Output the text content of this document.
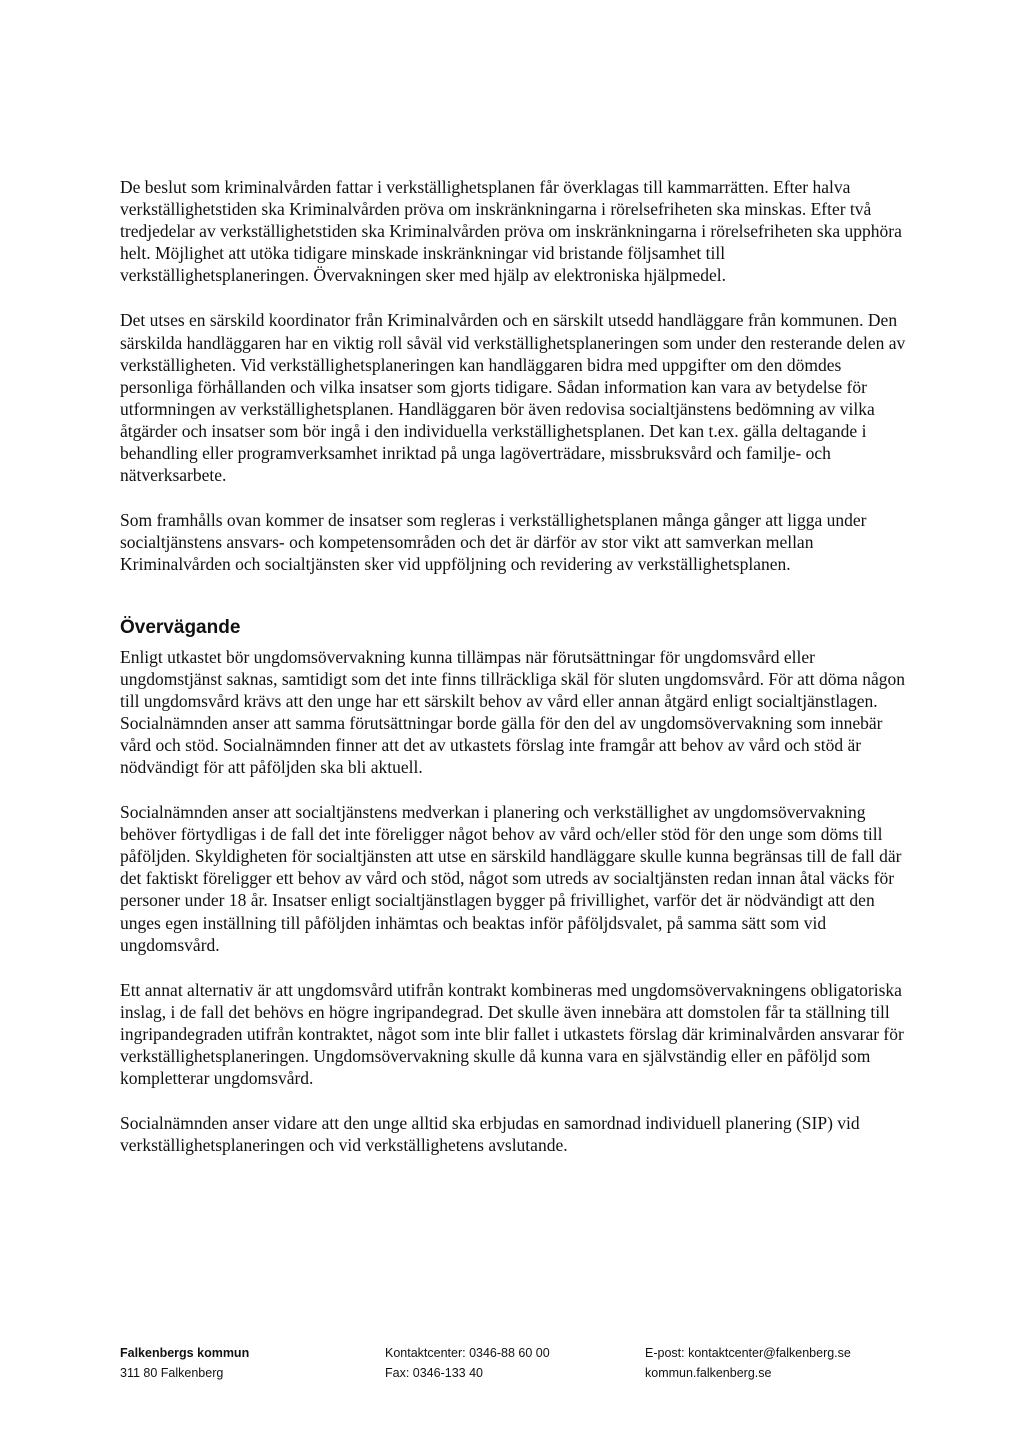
De beslut som kriminalvården fattar i verkställighetsplanen får överklagas till kammarrätten. Efter halva verkställighetstiden ska Kriminalvården pröva om inskränkningarna i rörelsefriheten ska minskas. Efter två tredjedelar av verkställighetstiden ska Kriminalvården pröva om inskränkningarna i rörelsefriheten ska upphöra helt. Möjlighet att utöka tidigare minskade inskränkningar vid bristande följsamhet till verkställighetsplaneringen. Övervakningen sker med hjälp av elektroniska hjälpmedel.

Det utses en särskild koordinator från Kriminalvården och en särskilt utsedd handläggare från kommunen. Den särskilda handläggaren har en viktig roll såväl vid verkställighetsplaneringen som under den resterande delen av verkställigheten. Vid verkställighetsplaneringen kan handläggaren bidra med uppgifter om den dömdes personliga förhållanden och vilka insatser som gjorts tidigare. Sådan information kan vara av betydelse för utformningen av verkställighetsplanen. Handläggaren bör även redovisa socialtjänstens bedömning av vilka åtgärder och insatser som bör ingå i den individuella verkställighetsplanen. Det kan t.ex. gälla deltagande i behandling eller programverksamhet inriktad på unga lagöverträdare, missbruksvård och familje- och nätverksarbete.

Som framhålls ovan kommer de insatser som regleras i verkställighetsplanen många gånger att ligga under socialtjänstens ansvars- och kompetensområden och det är därför av stor vikt att samverkan mellan Kriminalvården och socialtjänsten sker vid uppföljning och revidering av verkställighetsplanen.

Övervägande

Enligt utkastet bör ungdomsövervakning kunna tillämpas när förutsättningar för ungdomsvård eller ungdomstjänst saknas, samtidigt som det inte finns tillräckliga skäl för sluten ungdomsvård. För att döma någon till ungdomsvård krävs att den unge har ett särskilt behov av vård eller annan åtgärd enligt socialtjänstlagen. Socialnämnden anser att samma förutsättningar borde gälla för den del av ungdomsövervakning som innebär vård och stöd. Socialnämnden finner att det av utkastets förslag inte framgår att behov av vård och stöd är nödvändigt för att påföljden ska bli aktuell.

Socialnämnden anser att socialtjänstens medverkan i planering och verkställighet av ungdomsövervakning behöver förtydligas i de fall det inte föreligger något behov av vård och/eller stöd för den unge som döms till påföljden. Skyldigheten för socialtjänsten att utse en särskild handläggare skulle kunna begränsas till de fall där det faktiskt föreligger ett behov av vård och stöd, något som utreds av socialtjänsten redan innan åtal väcks för personer under 18 år. Insatser enligt socialtjänstlagen bygger på frivillighet, varför det är nödvändigt att den unges egen inställning till påföljden inhämtas och beaktas inför påföljdsvalet, på samma sätt som vid ungdomsvård.

Ett annat alternativ är att ungdomsvård utifrån kontrakt kombineras med ungdomsövervakningens obligatoriska inslag, i de fall det behövs en högre ingripandegrad. Det skulle även innebära att domstolen får ta ställning till ingripandegraden utifrån kontraktet, något som inte blir fallet i utkastets förslag där kriminalvården ansvarar för verkställighetsplaneringen. Ungdomsövervakning skulle då kunna vara en självständig eller en påföljd som kompletterar ungdomsvård.

Socialnämnden anser vidare att den unge alltid ska erbjudas en samordnad individuell planering (SIP) vid verkställighetsplaneringen och vid verkställighetens avslutande.

Falkenbergs kommun
311 80 Falkenberg
Kontaktcenter: 0346-88 60 00
Fax: 0346-133 40
E-post: kontaktcenter@falkenberg.se
kommun.falkenberg.se
